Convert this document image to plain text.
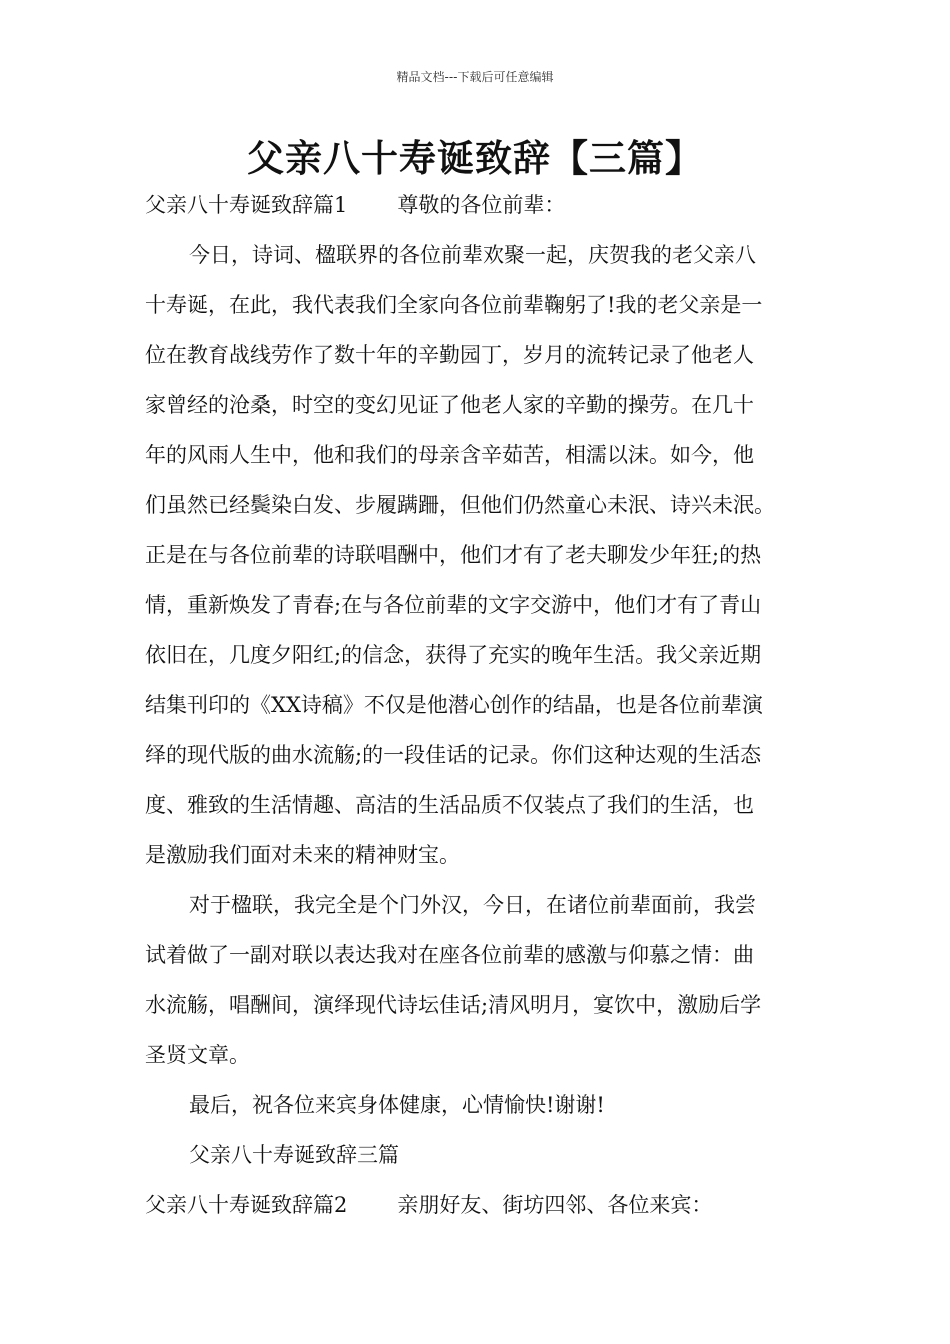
精品文档---下载后可任意编辑
父亲八十寿诞致辞【三篇】
父亲八十寿诞致辞篇1 尊敬的各位前辈：
今日，诗词、楹联界的各位前辈欢聚一起，庆贺我的老父亲八
十寿诞，在此，我代表我们全家向各位前辈鞠躬了!我的老父亲是一
位在教育战线劳作了数十年的辛勤园丁，岁月的流转记录了他老人
家曾经的沧桑，时空的变幻见证了他老人家的辛勤的操劳。在几十
年的风雨人生中，他和我们的母亲含辛茹苦，相濡以沫。如今，他
们虽然已经鬓染白发、步履蹒跚，但他们仍然童心未泯、诗兴未泯。
正是在与各位前辈的诗联唱酬中，他们才有了老夫聊发少年狂;的热
情，重新焕发了青春;在与各位前辈的文字交游中，他们才有了青山
依旧在，几度夕阳红;的信念，获得了充实的晚年生活。我父亲近期
结集刊印的《XX诗稿》不仅是他潜心创作的结晶，也是各位前辈演
绎的现代版的曲水流觞;的一段佳话的记录。你们这种达观的生活态
度、雅致的生活情趣、高洁的生活品质不仅装点了我们的生活，也
是激励我们面对未来的精神财宝。
对于楹联，我完全是个门外汉，今日，在诸位前辈面前，我尝
试着做了一副对联以表达我对在座各位前辈的感激与仰慕之情：曲
水流觞，唱酬间，演绎现代诗坛佳话;清风明月，宴饮中，激励后学
圣贤文章。
最后，祝各位来宾身体健康，心情愉快!谢谢!
父亲八十寿诞致辞三篇
父亲八十寿诞致辞篇2 亲朋好友、街坊四邻、各位来宾：
